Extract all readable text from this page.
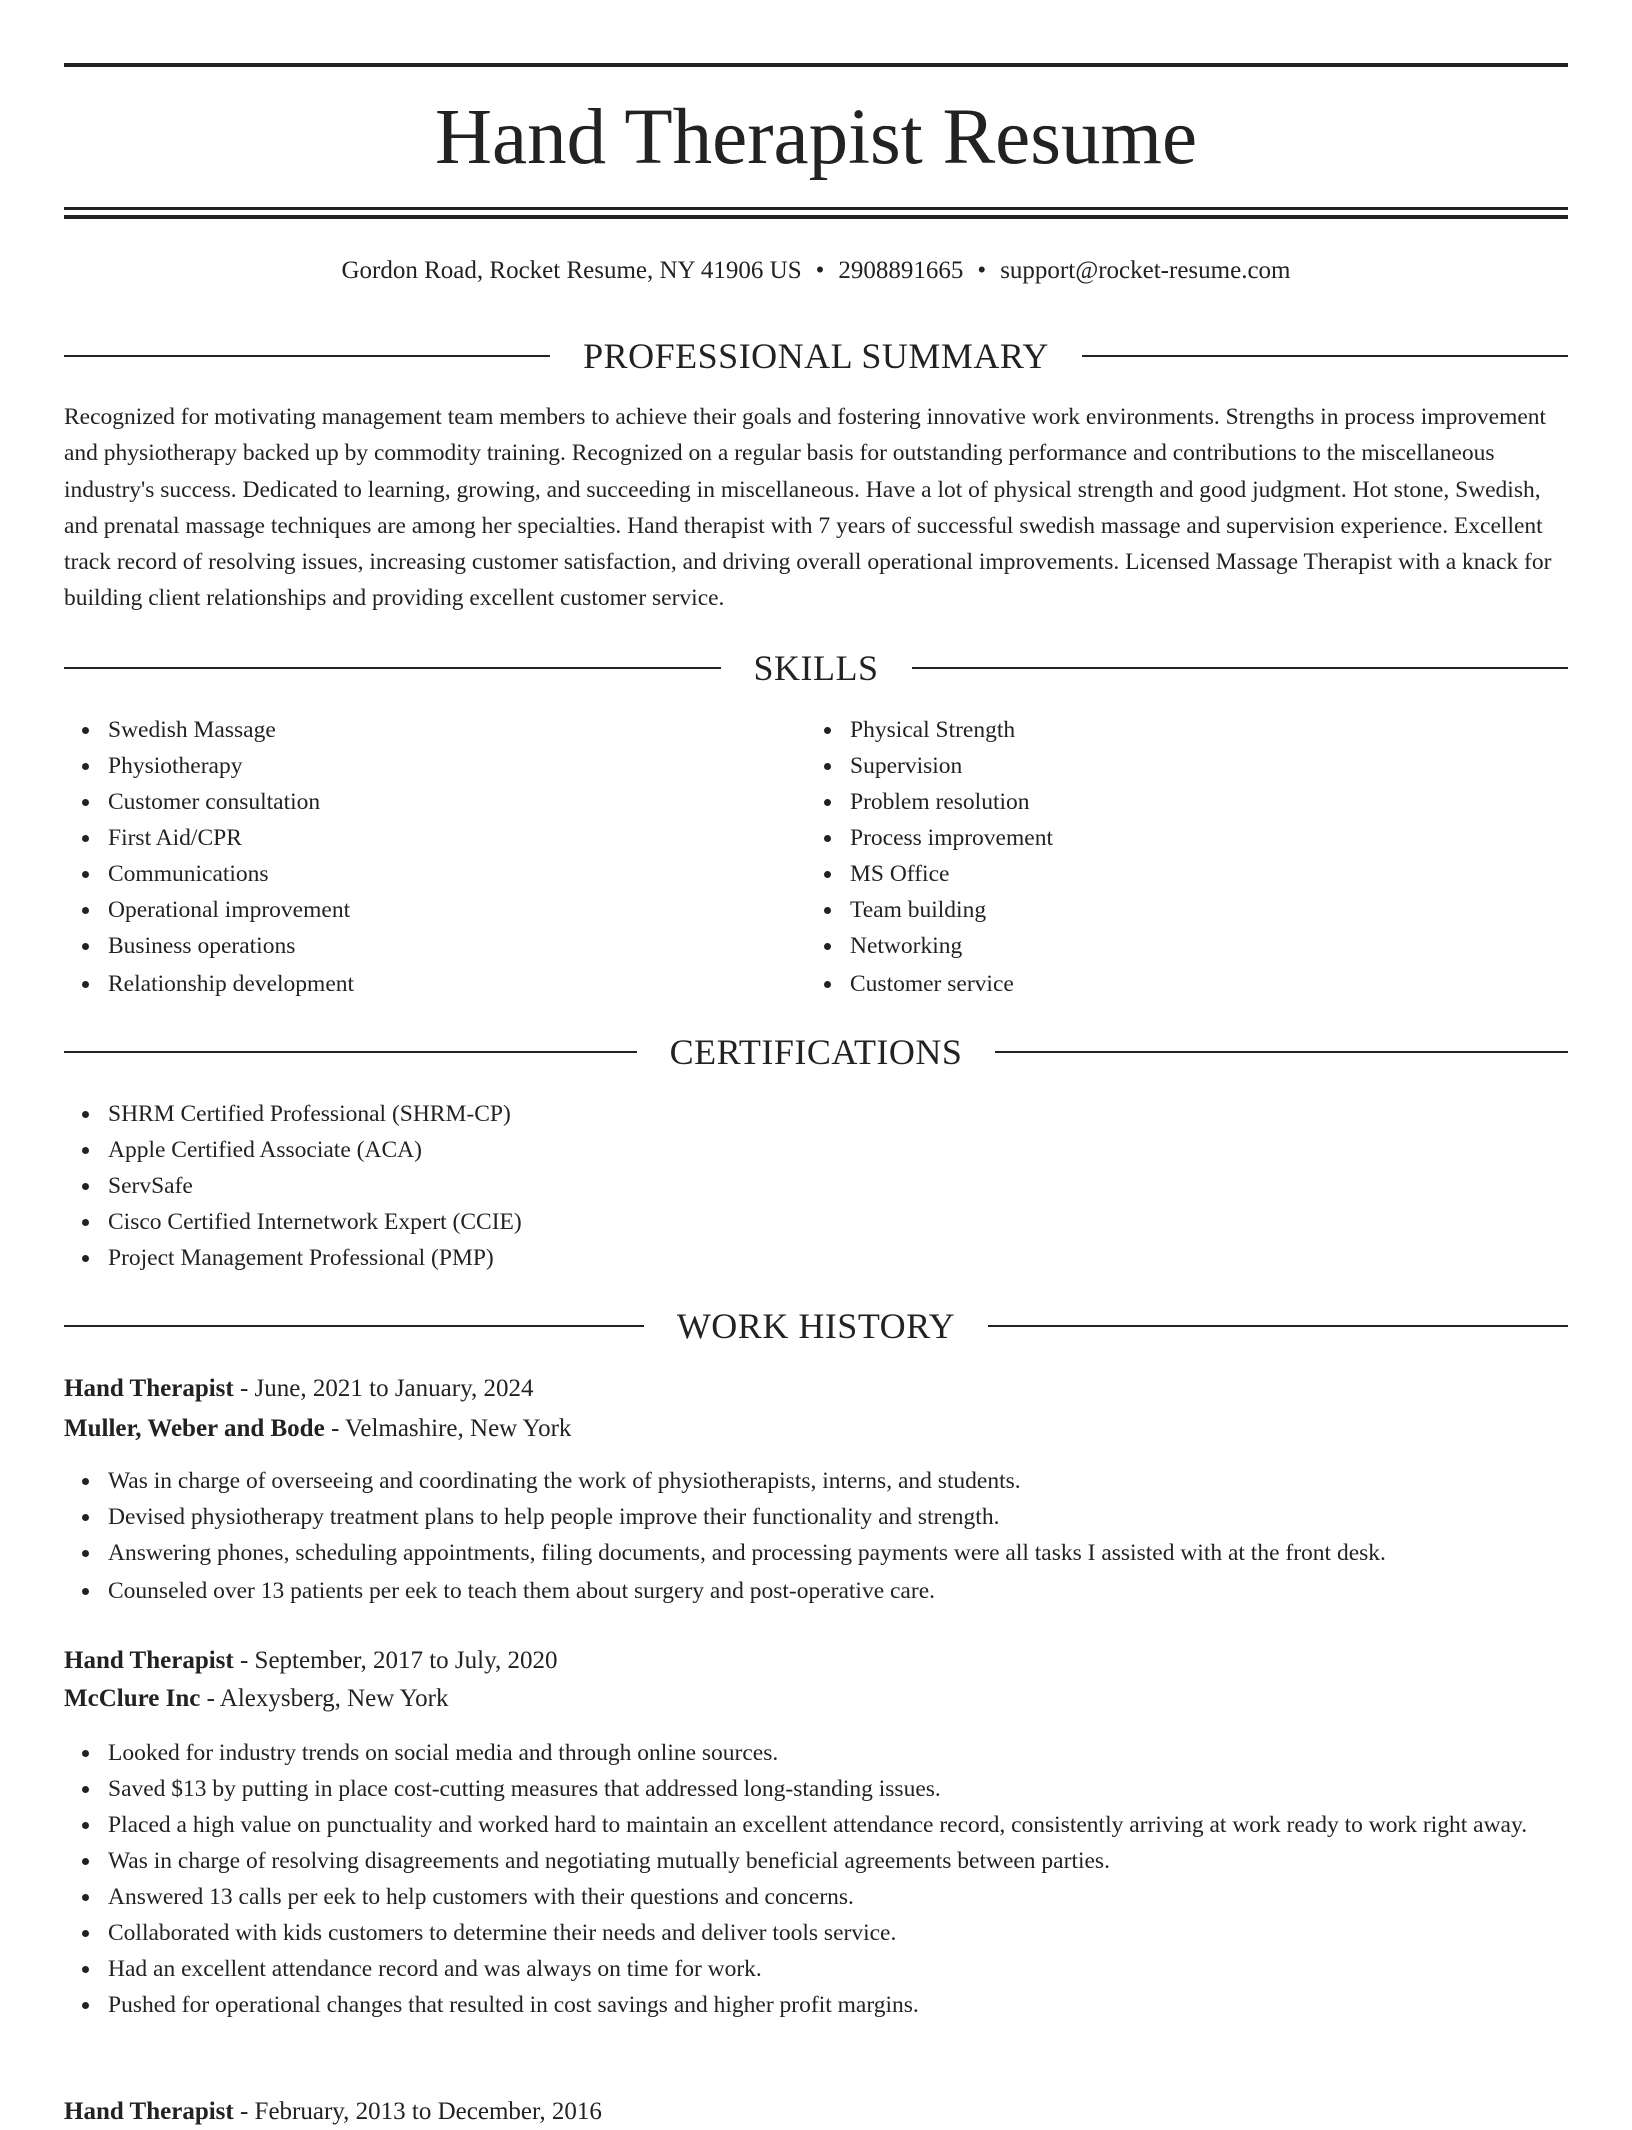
Hand Therapist Resume
Gordon Road, Rocket Resume, NY 41906 US • 2908891665 • support@rocket-resume.com
PROFESSIONAL SUMMARY

Recognized for motivating management team members to achieve their goals and fostering innovative work environments. Strengths in process improvement and physiotherapy backed up by commodity training. Recognized on a regular basis for outstanding performance and contributions to the miscellaneous industry's success. Dedicated to learning, growing, and succeeding in miscellaneous. Have a lot of physical strength and good judgment. Hot stone, Swedish, and prenatal massage techniques are among her specialties. Hand therapist with 7 years of successful swedish massage and supervision experience. Excellent track record of resolving issues, increasing customer satisfaction, and driving overall operational improvements. Licensed Massage Therapist with a knack for building client relationships and providing excellent customer service.

SKILLS
Swedish Massage
Physiotherapy
Customer consultation
First Aid/CPR
Communications
Operational improvement
Business operations
Relationship development
Physical Strength
Supervision
Problem resolution
Process improvement
MS Office
Team building
Networking
Customer service
CERTIFICATIONS
SHRM Certified Professional (SHRM-CP)
Apple Certified Associate (ACA)
ServSafe
Cisco Certified Internetwork Expert (CCIE)
Project Management Professional (PMP)
WORK HISTORY
Hand Therapist - June, 2021 to January, 2024
Muller, Weber and Bode - Velmashire, New York
Was in charge of overseeing and coordinating the work of physiotherapists, interns, and students.
Devised physiotherapy treatment plans to help people improve their functionality and strength.
Answering phones, scheduling appointments, filing documents, and processing payments were all tasks I assisted with at the front desk.
Counseled over 13 patients per eek to teach them about surgery and post-operative care.
Hand Therapist - September, 2017 to July, 2020
McClure Inc - Alexysberg, New York
Looked for industry trends on social media and through online sources.
Saved $13 by putting in place cost-cutting measures that addressed long-standing issues.
Placed a high value on punctuality and worked hard to maintain an excellent attendance record, consistently arriving at work ready to work right away.
Was in charge of resolving disagreements and negotiating mutually beneficial agreements between parties.
Answered 13 calls per eek to help customers with their questions and concerns.
Collaborated with kids customers to determine their needs and deliver tools service.
Had an excellent attendance record and was always on time for work.
Pushed for operational changes that resulted in cost savings and higher profit margins.
Hand Therapist - February, 2013 to December, 2016
